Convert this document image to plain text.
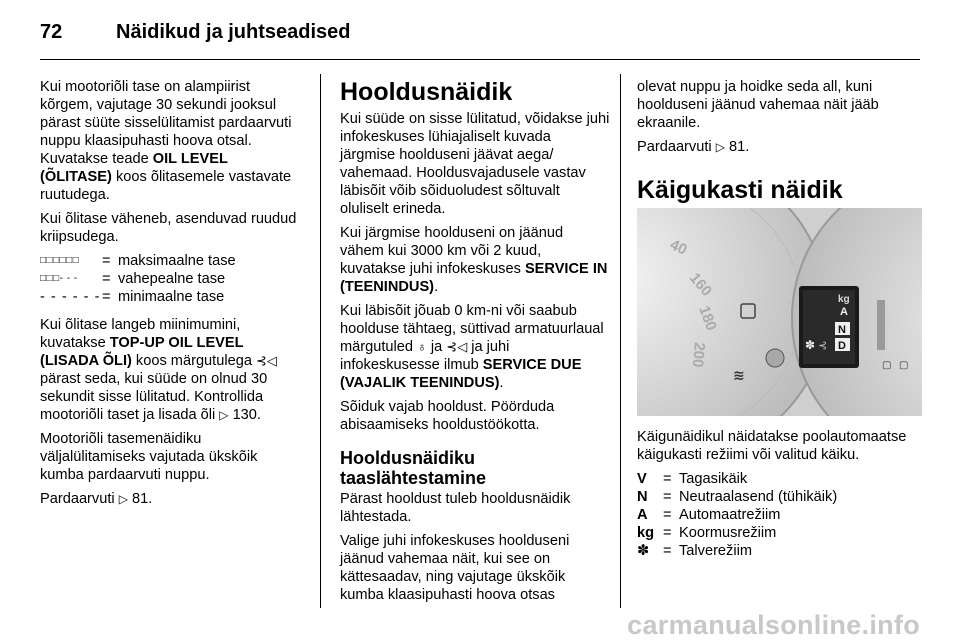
72	Näidikud ja juhtseadised

Kui mootoriõli tase on alampiirist kõrgem, vajutage 30 sekundi jooksul pärast süüte sisselülitamist pardaarvuti nuppu klaasipuhasti hoova otsal. Kuvatakse teade OIL LEVEL (ÕLITASE) koos õlitasemele vastavate ruutudega.

Kui õlitase väheneb, asenduvad ruudud kriipsudega.

□□□□□□	= maksimaalne tase
□□□- - -	= vahepealne tase
- - - - - - = minimaalne tase

Kui õlitase langeb miinimumini, kuvatakse TOP-UP OIL LEVEL (LISADA ÕLI) koos märgutulega ⊰◁ pärast seda, kui süüde on olnud 30 sekundit sisse lülitatud. Kontrollida mootoriõli taset ja lisada õli ▷ 130.

Mootoriõli tasemenäidiku väljalülitamiseks vajutada ükskõik kumba pardaarvuti nuppu.

Pardaarvuti ▷ 81.

Hooldusnäidik

Kui süüde on sisse lülitatud, võidakse juhi infokeskuses lühiajaliselt kuvada järgmise hoolduseni jäävat aega/ vahemaad. Hooldusvajadusele vastav läbisõit võib sõiduoludest sõltuvalt oluliselt erineda.

Kui järgmise hoolduseni on jäänud vähem kui 3000 km või 2 kuud, kuvatakse juhi infokeskuses SERVICE IN (TEENINDUS).

Kui läbisõit jõuab 0 km-ni või saabub hoolduse tähtaeg, süttivad armatuurlaual märgutuled ♁ ja ⊰◁ ja juhi infokeskusesse ilmub SERVICE DUE (VAJALIK TEENINDUS).

Sõiduk vajab hooldust. Pöörduda abisaamiseks hooldustöökotta.

Hooldusnäidiku taaslähtestamine

Pärast hooldust tuleb hooldusnäidik lähtestada.

Valige juhi infokeskuses hoolduseni jäänud vahemaa näit, kui see on kättesaadav, ning vajutage ükskõik kumba klaasipuhasti hoova otsas

olevat nuppu ja hoidke seda all, kuni hoolduseni jäänud vahemaa näit jääb ekraanile.

Pardaarvuti ▷ 81.

Käigukasti näidik
40
160
180
200
≋
kg
A
N
D
✽ ⊰
▢ ▢

Käigunäidikul näidatakse poolautomaatse käigukasti režiimi või valitud käiku.

V	= Tagasikäik
N	= Neutraalasend (tühikäik)
A	= Automaatrežiim
kg = Koormusrežiim
✽ = Talverežiim
carmanualsonline.info
